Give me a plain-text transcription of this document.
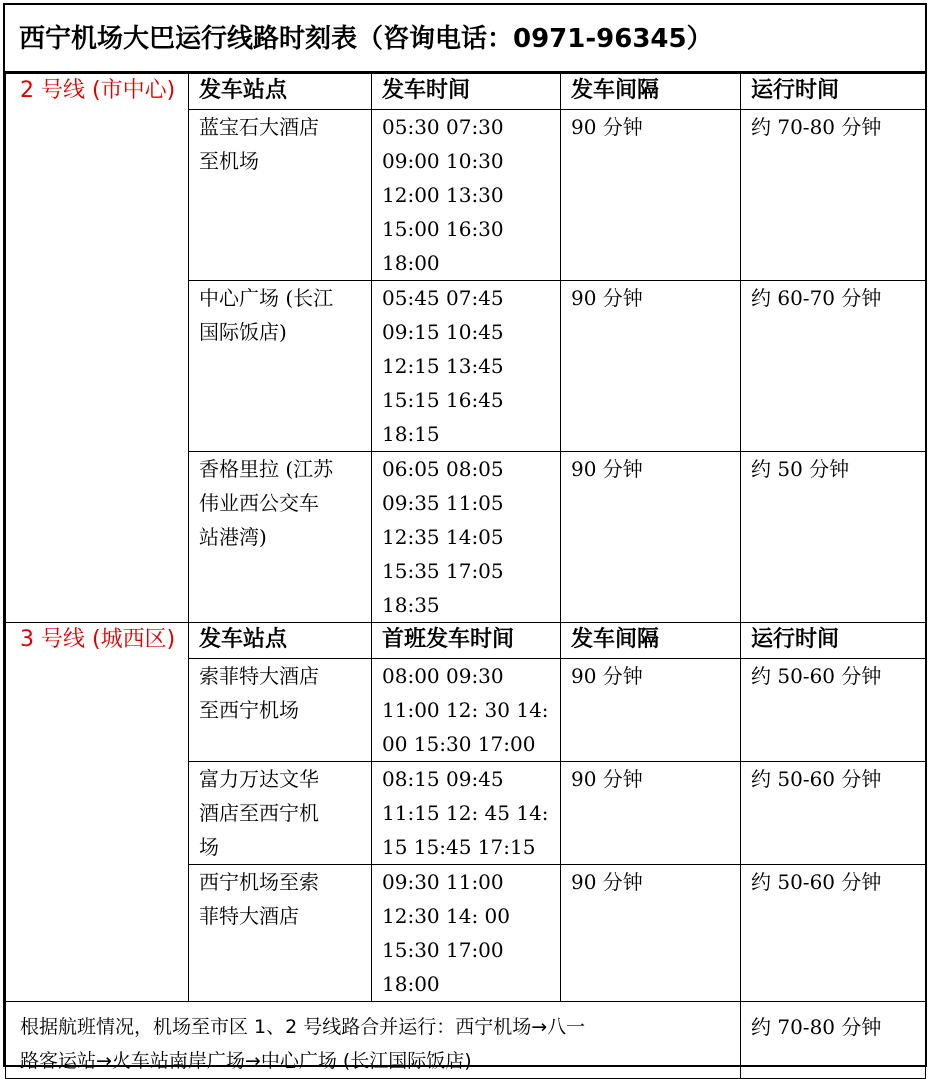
西宁机场大巴运行线路时刻表（咨询电话：0971-96345）
2 号线 (市中心)	发车站点	发车时间	发车间隔	运行时间

	蓝宝石大酒店
至机场	05:30 07:30
09:00 10:30
12:00 13:30
15:00 16:30
18:00	90 分钟	约 70-80 分钟

	中心广场 (长江
国际饭店)	05:45 07:45
09:15 10:45
12:15 13:45
15:15 16:45
18:15	90 分钟	约 60-70 分钟

	香格里拉 (江苏
伟业西公交车
站港湾)	06:05 08:05
09:35 11:05
12:35 14:05
15:35 17:05
18:35	90 分钟	约 50 分钟
3 号线 (城西区)	发车站点	首班发车时间	发车间隔	运行时间

	索菲特大酒店
至西宁机场	08:00 09:30
11:00 12: 30 14:
00 15:30 17:00	90 分钟	约 50-60 分钟

	富力万达文华
酒店至西宁机
场	08:15 09:45
11:15 12: 45 14:
15 15:45 17:15	90 分钟	约 50-60 分钟

	西宁机场至索
菲特大酒店	09:30 11:00
12:30 14: 00
15:30 17:00
18:00	90 分钟	约 50-60 分钟

根据航班情况，机场至市区 1、2 号线路合并运行：西宁机场→八一
路客运站→火车站南岸广场→中心广场 (长江国际饭店)				约 70-80 分钟
